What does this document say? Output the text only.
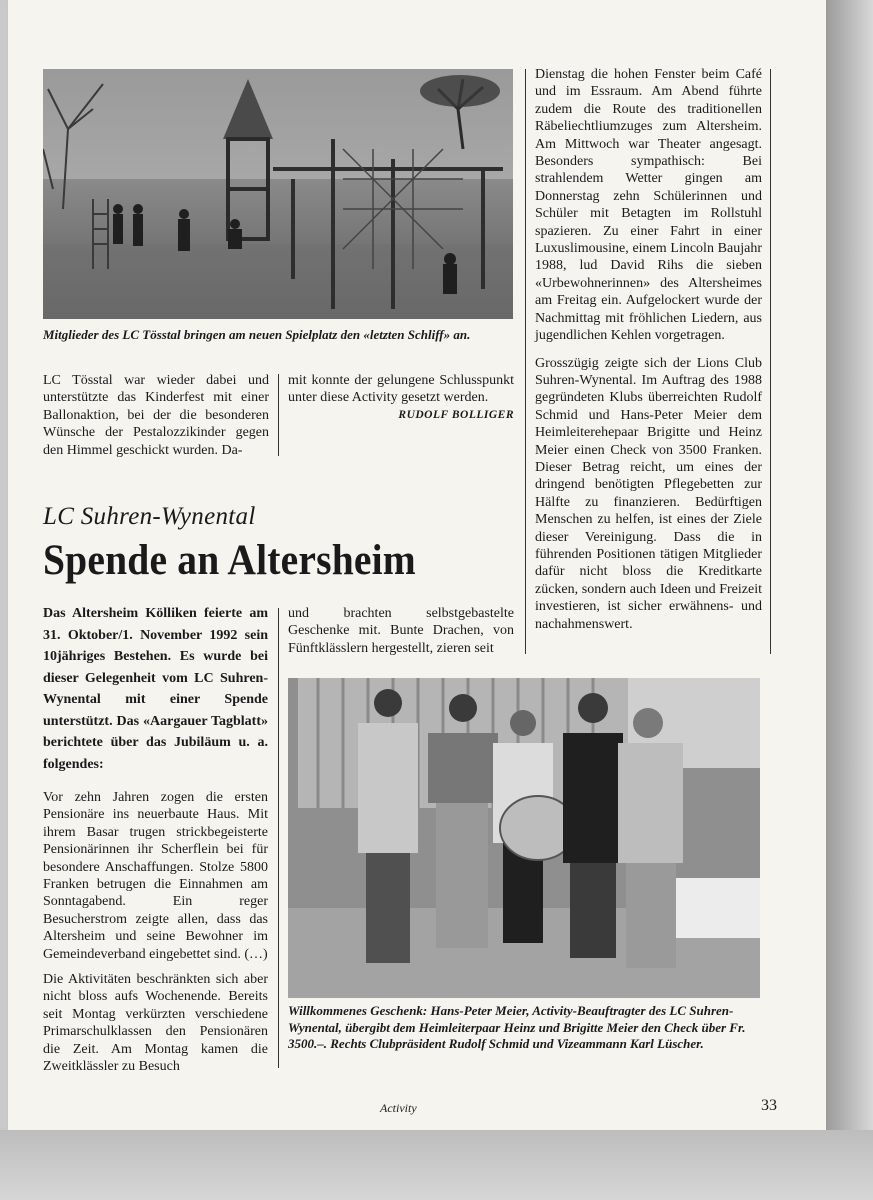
Mitglieder des LC Tösstal bringen am neuen Spielplatz den «letzten Schliff» an.

LC Tösstal war wieder dabei und unterstützte das Kinderfest mit einer Ballonaktion, bei der die besonderen Wünsche der Pestalozzikinder gegen den Himmel geschickt wurden. Da-

mit konnte der gelungene Schlusspunkt unter diese Activity gesetzt werden.

RUDOLF BOLLIGER

Dienstag die hohen Fenster beim Café und im Essraum. Am Abend führte zudem die Route des traditionellen Räbeliechtliumzuges zum Altersheim. Am Mittwoch war Theater angesagt. Besonders sympathisch: Bei strahlendem Wetter gingen am Donnerstag zehn Schülerinnen und Schüler mit Betagten im Rollstuhl spazieren. Zu einer Fahrt in einer Luxuslimousine, einem Lincoln Baujahr 1988, lud David Rihs die sieben «Urbewohnerinnen» des Altersheimes am Freitag ein. Aufgelockert wurde der Nachmittag mit fröhlichen Liedern, aus jugendlichen Kehlen vorgetragen.

Grosszügig zeigte sich der Lions Club Suhren-Wynental. Im Auftrag des 1988 gegründeten Klubs überreichten Rudolf Schmid und Hans-Peter Meier dem Heimleiterehepaar Brigitte und Heinz Meier einen Check von 3500 Franken. Dieser Betrag reicht, um eines der dringend benötigten Pflegebetten zur Hälfte zu finanzieren. Bedürftigen Menschen zu helfen, ist eines der Ziele dieser Vereinigung. Dass die in führenden Positionen tätigen Mitglieder dafür nicht bloss die Kreditkarte zücken, sondern auch Ideen und Freizeit investieren, ist sicher erwähnens- und nachahmenswert.

LC Suhren-Wynental
Spende an Altersheim

Das Altersheim Kölliken feierte am 31. Oktober/1. November 1992 sein 10jähriges Bestehen. Es wurde bei dieser Gelegenheit vom LC Suhren-Wynental mit einer Spende unterstützt. Das «Aargauer Tagblatt» berichtete über das Jubiläum u. a. folgendes:

Vor zehn Jahren zogen die ersten Pensionäre ins neuerbaute Haus. Mit ihrem Basar trugen strickbegeisterte Pensionärinnen ihr Scherflein bei für besondere Anschaffungen. Stolze 5800 Franken betrugen die Einnahmen am Sonntagabend. Ein reger Besucherstrom zeigte allen, dass das Altersheim und seine Bewohner im Gemeindeverband eingebettet sind. (…)

Die Aktivitäten beschränkten sich aber nicht bloss aufs Wochenende. Bereits seit Montag verkürzten verschiedene Primarschulklassen den Pensionären die Zeit. Am Montag kamen die Zweitklässler zu Besuch

und brachten selbstgebastelte Geschenke mit. Bunte Drachen, von Fünftklässlern hergestellt, zieren seit

Willkommenes Geschenk: Hans-Peter Meier, Activity-Beauftragter des LC Suhren-Wynental, übergibt dem Heimleiterpaar Heinz und Brigitte Meier den Check über Fr. 3500.–. Rechts Clubpräsident Rudolf Schmid und Vizeammann Karl Lüscher.

Activity	33
